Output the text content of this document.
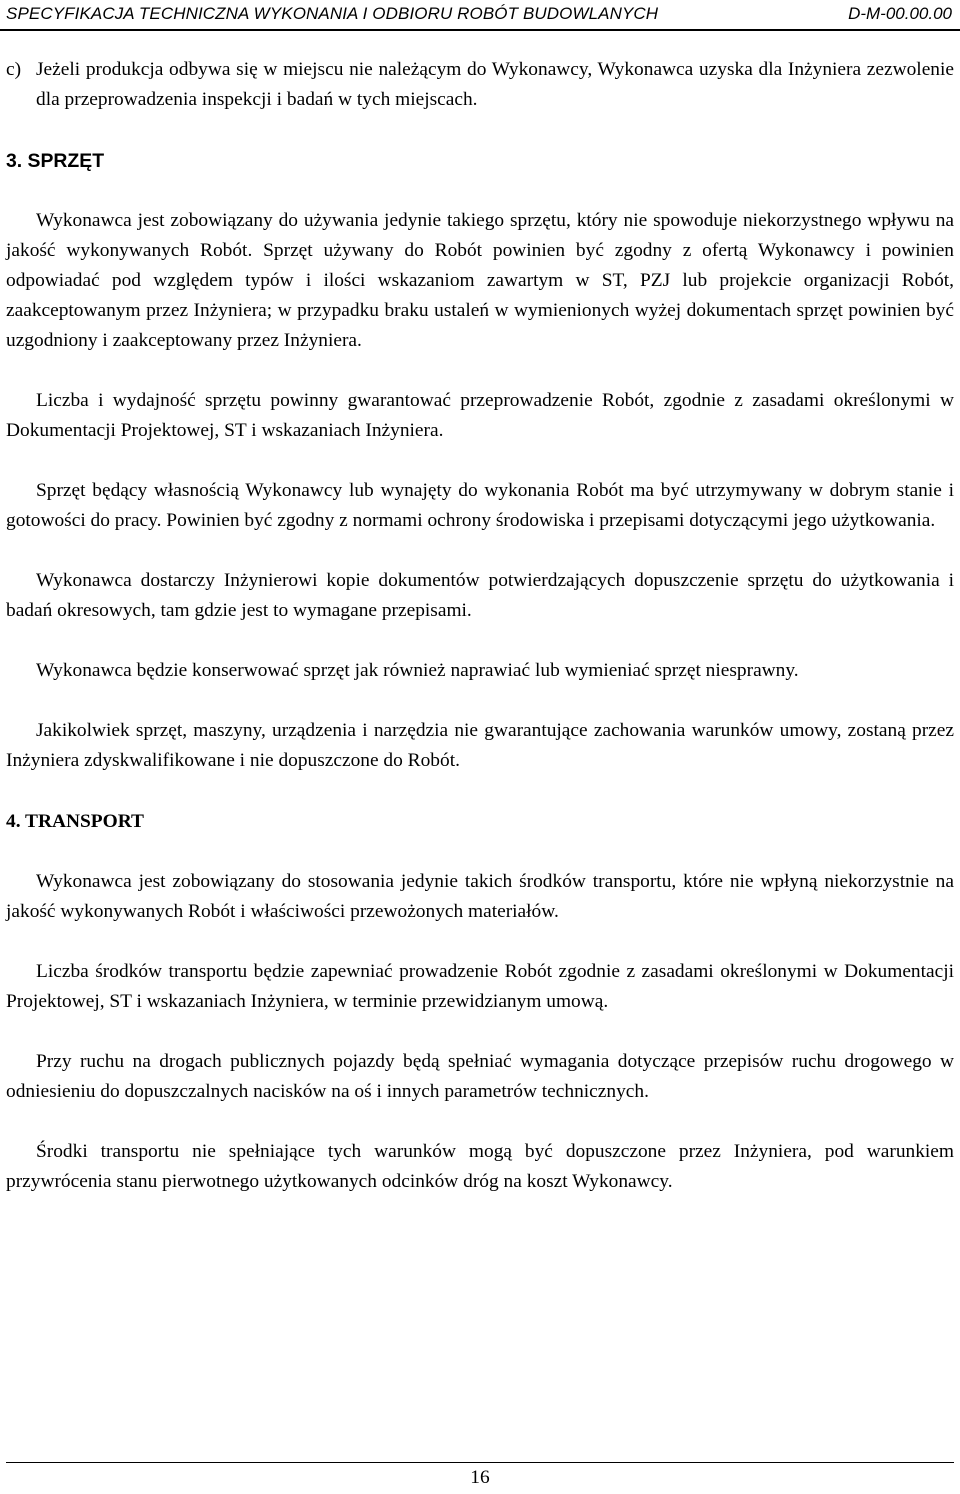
SPECYFIKACJA TECHNICZNA WYKONANIA I ODBIORU ROBÓT BUDOWLANYCH	D-M-00.00.00

c) Jeżeli produkcja odbywa się w miejscu nie należącym do Wykonawcy, Wykonawca uzyska dla Inżyniera zezwolenie dla przeprowadzenia inspekcji i badań w tych miejscach.

3. SPRZĘT

Wykonawca jest zobowiązany do używania jedynie takiego sprzętu, który nie spowoduje niekorzystnego wpływu na jakość wykonywanych Robót. Sprzęt używany do Robót powinien być zgodny z ofertą Wykonawcy i powinien odpowiadać pod względem typów i ilości wskazaniom zawartym w ST, PZJ lub projekcie organizacji Robót, zaakceptowanym przez Inżyniera; w przypadku braku ustaleń w wymienionych wyżej dokumentach sprzęt powinien być uzgodniony i zaakceptowany przez Inżyniera.

Liczba i wydajność sprzętu powinny gwarantować przeprowadzenie Robót, zgodnie z zasadami określonymi w Dokumentacji Projektowej, ST i wskazaniach Inżyniera.

Sprzęt będący własnością Wykonawcy lub wynajęty do wykonania Robót ma być utrzymywany w dobrym stanie i gotowości do pracy. Powinien być zgodny z normami ochrony środowiska i przepisami dotyczącymi jego użytkowania.

Wykonawca dostarczy Inżynierowi kopie dokumentów potwierdzających dopuszczenie sprzętu do użytkowania i badań okresowych, tam gdzie jest to wymagane przepisami.

Wykonawca będzie konserwować sprzęt jak również naprawiać lub wymieniać sprzęt niesprawny.

Jakikolwiek sprzęt, maszyny, urządzenia i narzędzia nie gwarantujące zachowania warunków umowy, zostaną przez Inżyniera zdyskwalifikowane i nie dopuszczone do Robót.

4. TRANSPORT

Wykonawca jest zobowiązany do stosowania jedynie takich środków transportu, które nie wpłyną niekorzystnie na jakość wykonywanych Robót i właściwości przewożonych materiałów.

Liczba środków transportu będzie zapewniać prowadzenie Robót zgodnie z zasadami określonymi w Dokumentacji Projektowej, ST i wskazaniach Inżyniera, w terminie przewidzianym umową.

Przy ruchu na drogach publicznych pojazdy będą spełniać wymagania dotyczące przepisów ruchu drogowego w odniesieniu do dopuszczalnych nacisków na oś i innych parametrów technicznych.

Środki transportu nie spełniające tych warunków mogą być dopuszczone przez Inżyniera, pod warunkiem przywrócenia stanu pierwotnego użytkowanych odcinków dróg na koszt Wykonawcy.

16
